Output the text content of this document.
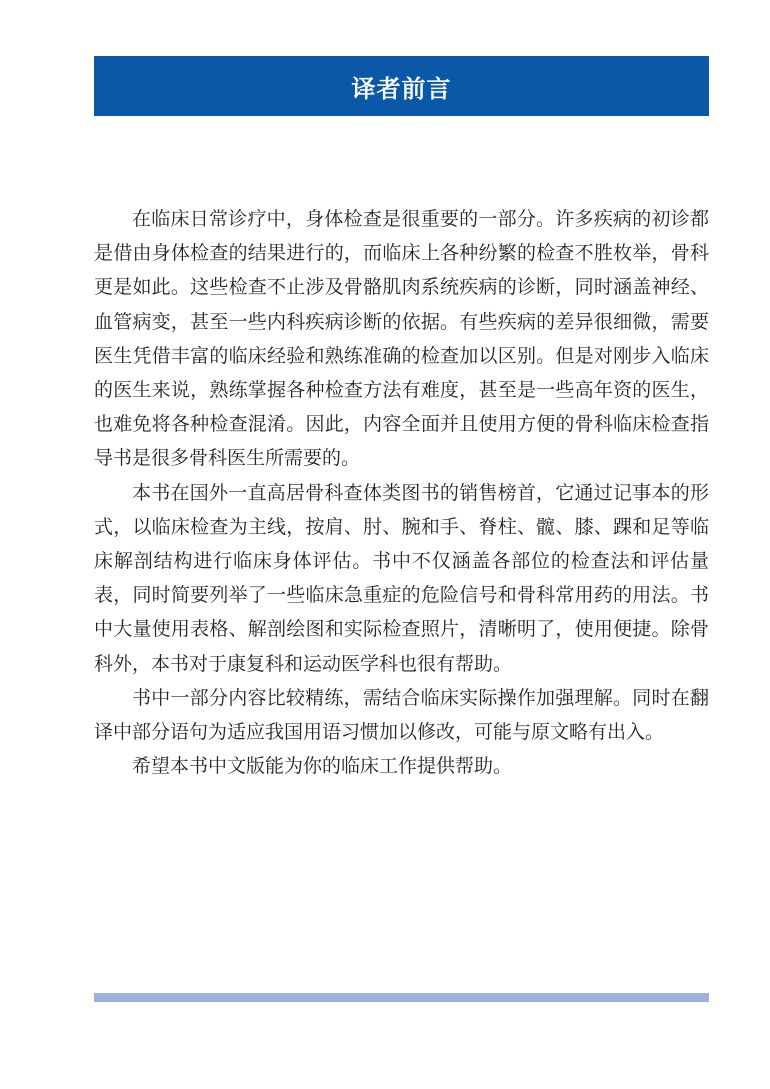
译者前言

在临床日常诊疗中，身体检查是很重要的一部分。许多疾病的初诊都是借由身体检查的结果进行的，而临床上各种纷繁的检查不胜枚举，骨科更是如此。这些检查不止涉及骨骼肌肉系统疾病的诊断，同时涵盖神经、血管病变，甚至一些内科疾病诊断的依据。有些疾病的差异很细微，需要医生凭借丰富的临床经验和熟练准确的检查加以区别。但是对刚步入临床的医生来说，熟练掌握各种检查方法有难度，甚至是一些高年资的医生，也难免将各种检查混淆。因此，内容全面并且使用方便的骨科临床检查指导书是很多骨科医生所需要的。

本书在国外一直高居骨科查体类图书的销售榜首，它通过记事本的形式，以临床检查为主线，按肩、肘、腕和手、脊柱、髋、膝、踝和足等临床解剖结构进行临床身体评估。书中不仅涵盖各部位的检查法和评估量表，同时简要列举了一些临床急重症的危险信号和骨科常用药的用法。书中大量使用表格、解剖绘图和实际检查照片，清晰明了，使用便捷。除骨科外，本书对于康复科和运动医学科也很有帮助。

书中一部分内容比较精练，需结合临床实际操作加强理解。同时在翻译中部分语句为适应我国用语习惯加以修改，可能与原文略有出入。

希望本书中文版能为你的临床工作提供帮助。
